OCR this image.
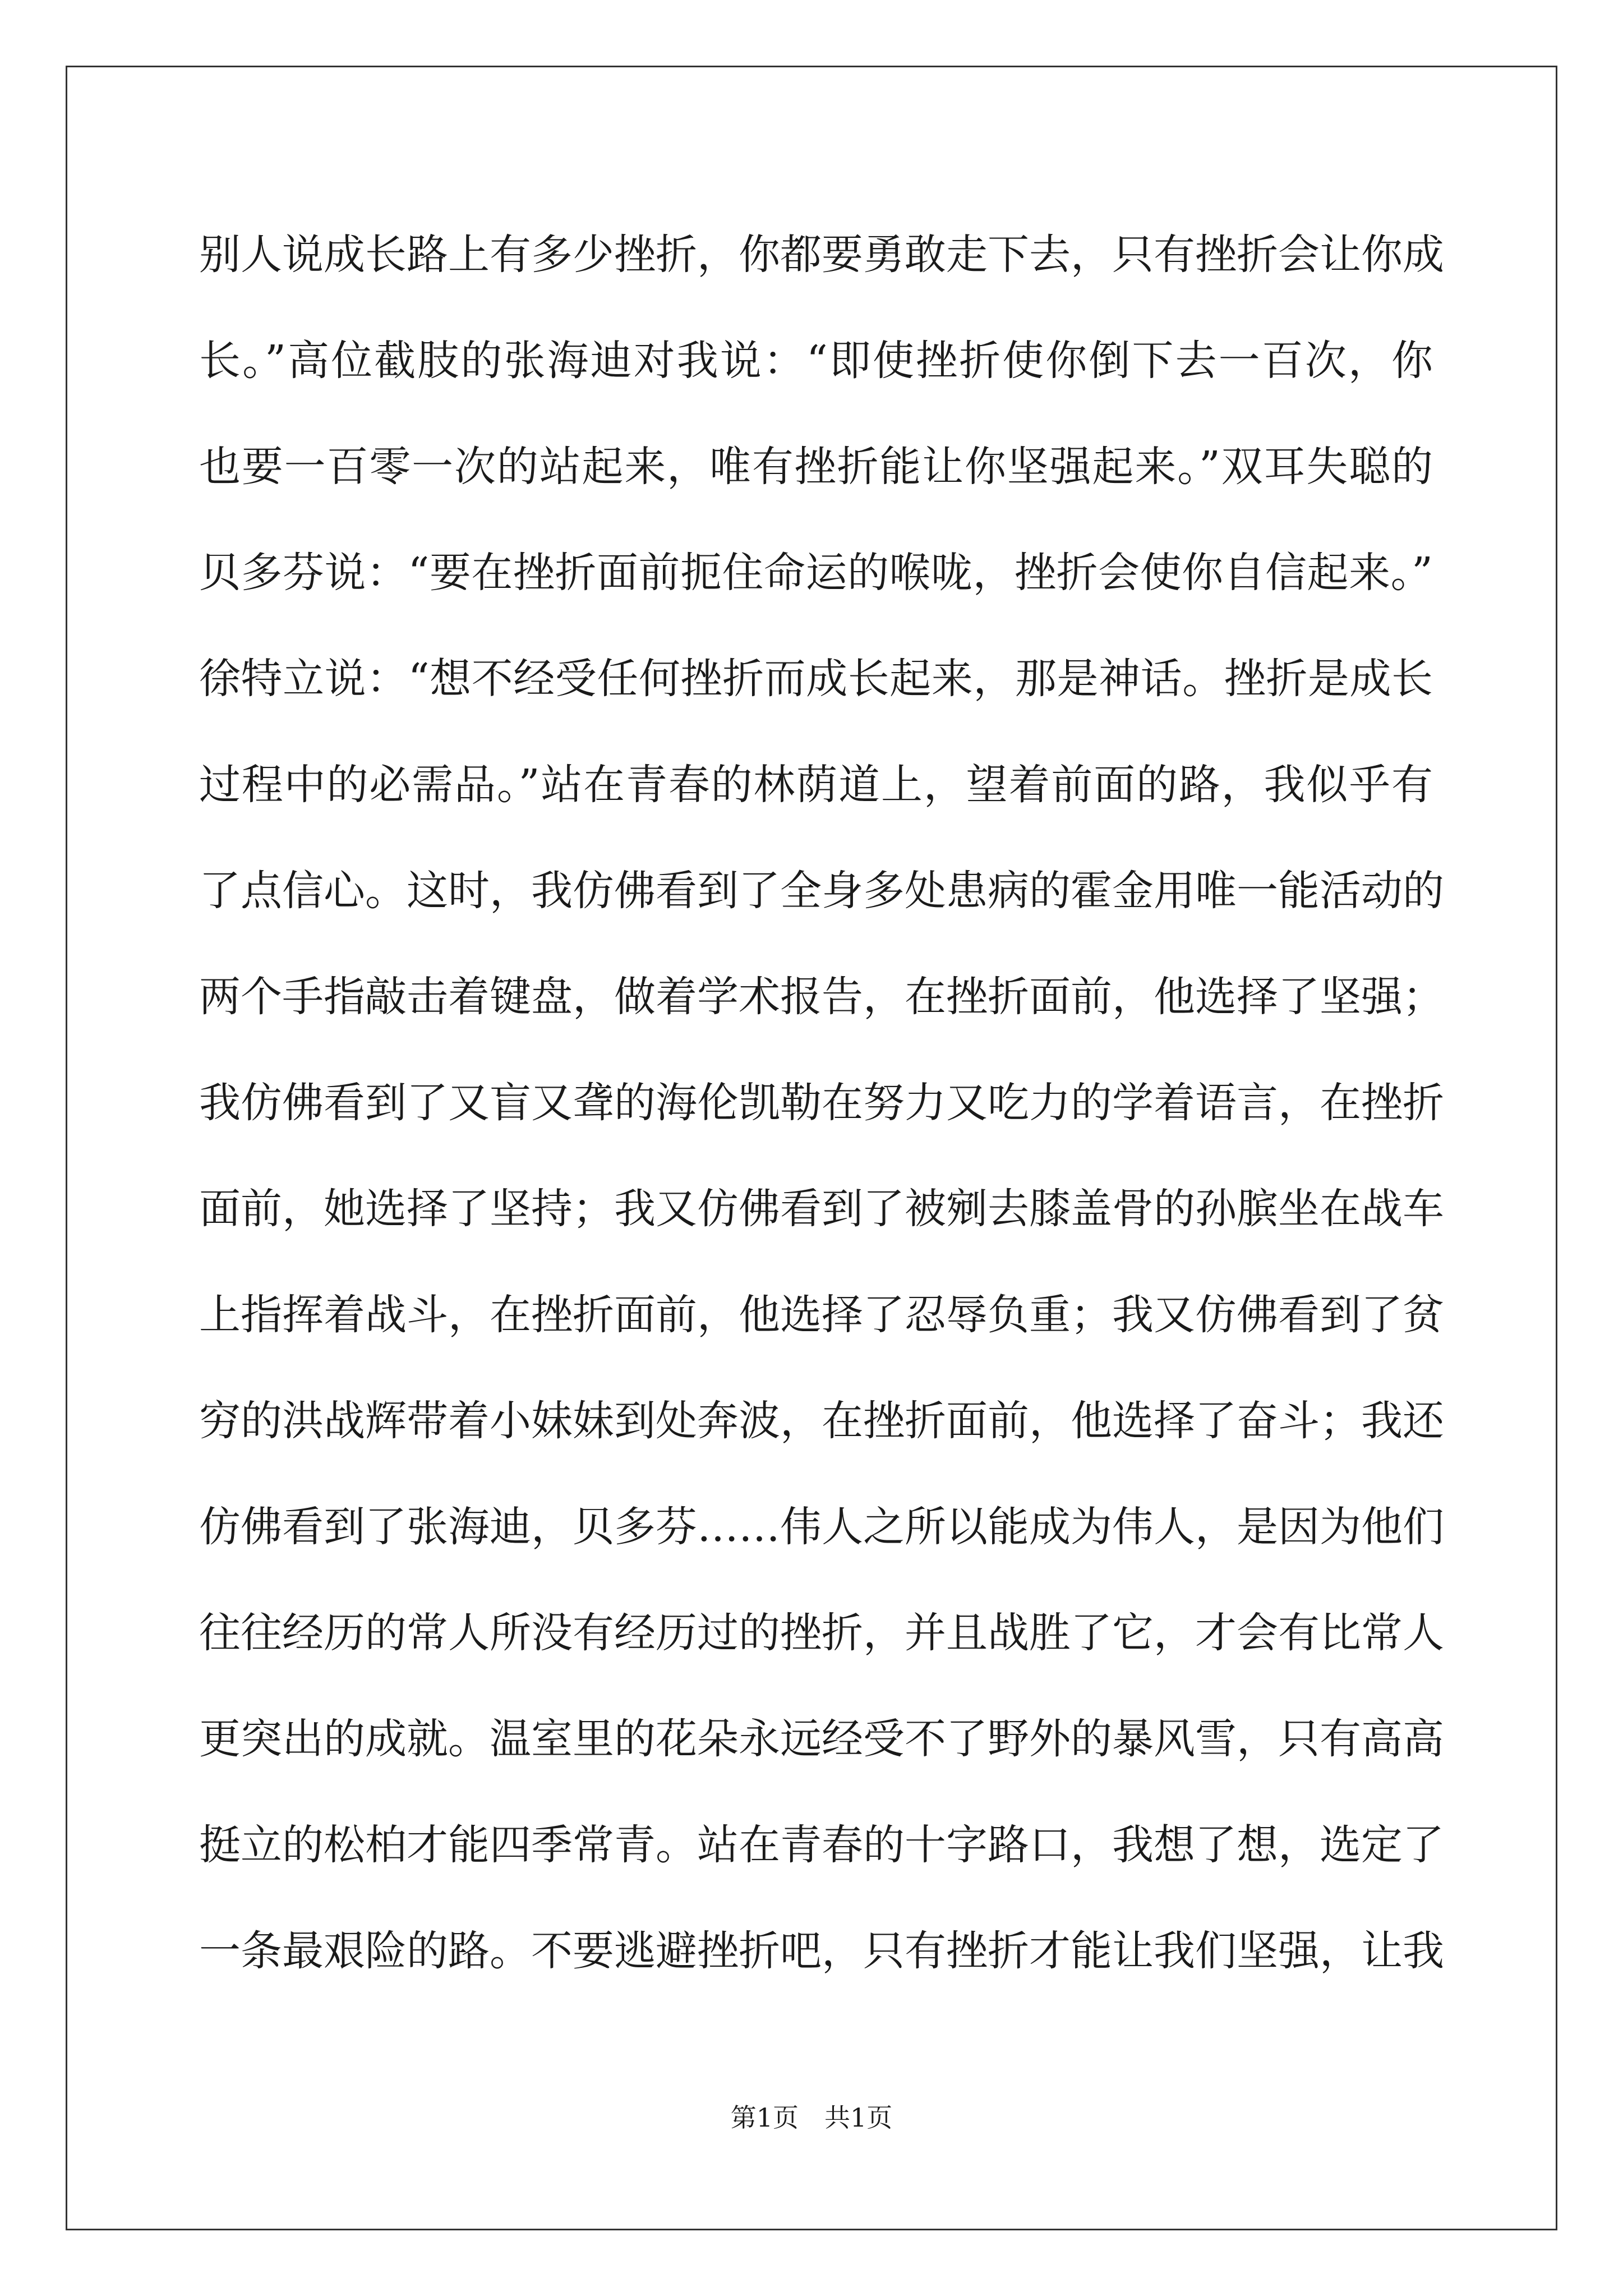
别人说成长路上有多少挫折，你都要勇敢走下去，只有挫折会让你成
长。”高位截肢的张海迪对我说：“即使挫折使你倒下去一百次，你
也要一百零一次的站起来，唯有挫折能让你坚强起来。”双耳失聪的
贝多芬说：“要在挫折面前扼住命运的喉咙，挫折会使你自信起来。”
徐特立说：“想不经受任何挫折而成长起来，那是神话。挫折是成长
过程中的必需品。”站在青春的林荫道上，望着前面的路，我似乎有
了点信心。这时，我仿佛看到了全身多处患病的霍金用唯一能活动的
两个手指敲击着键盘，做着学术报告，在挫折面前，他选择了坚强；
我仿佛看到了又盲又聋的海伦凯勒在努力又吃力的学着语言，在挫折
面前，她选择了坚持；我又仿佛看到了被剜去膝盖骨的孙膑坐在战车
上指挥着战斗，在挫折面前，他选择了忍辱负重；我又仿佛看到了贫
穷的洪战辉带着小妹妹到处奔波，在挫折面前，他选择了奋斗；我还
仿佛看到了张海迪，贝多芬……伟人之所以能成为伟人，是因为他们
往往经历的常人所没有经历过的挫折，并且战胜了它，才会有比常人
更突出的成就。温室里的花朵永远经受不了野外的暴风雪，只有高高
挺立的松柏才能四季常青。站在青春的十字路口，我想了想，选定了
一条最艰险的路。不要逃避挫折吧，只有挫折才能让我们坚强，让我
第1页 共1页
